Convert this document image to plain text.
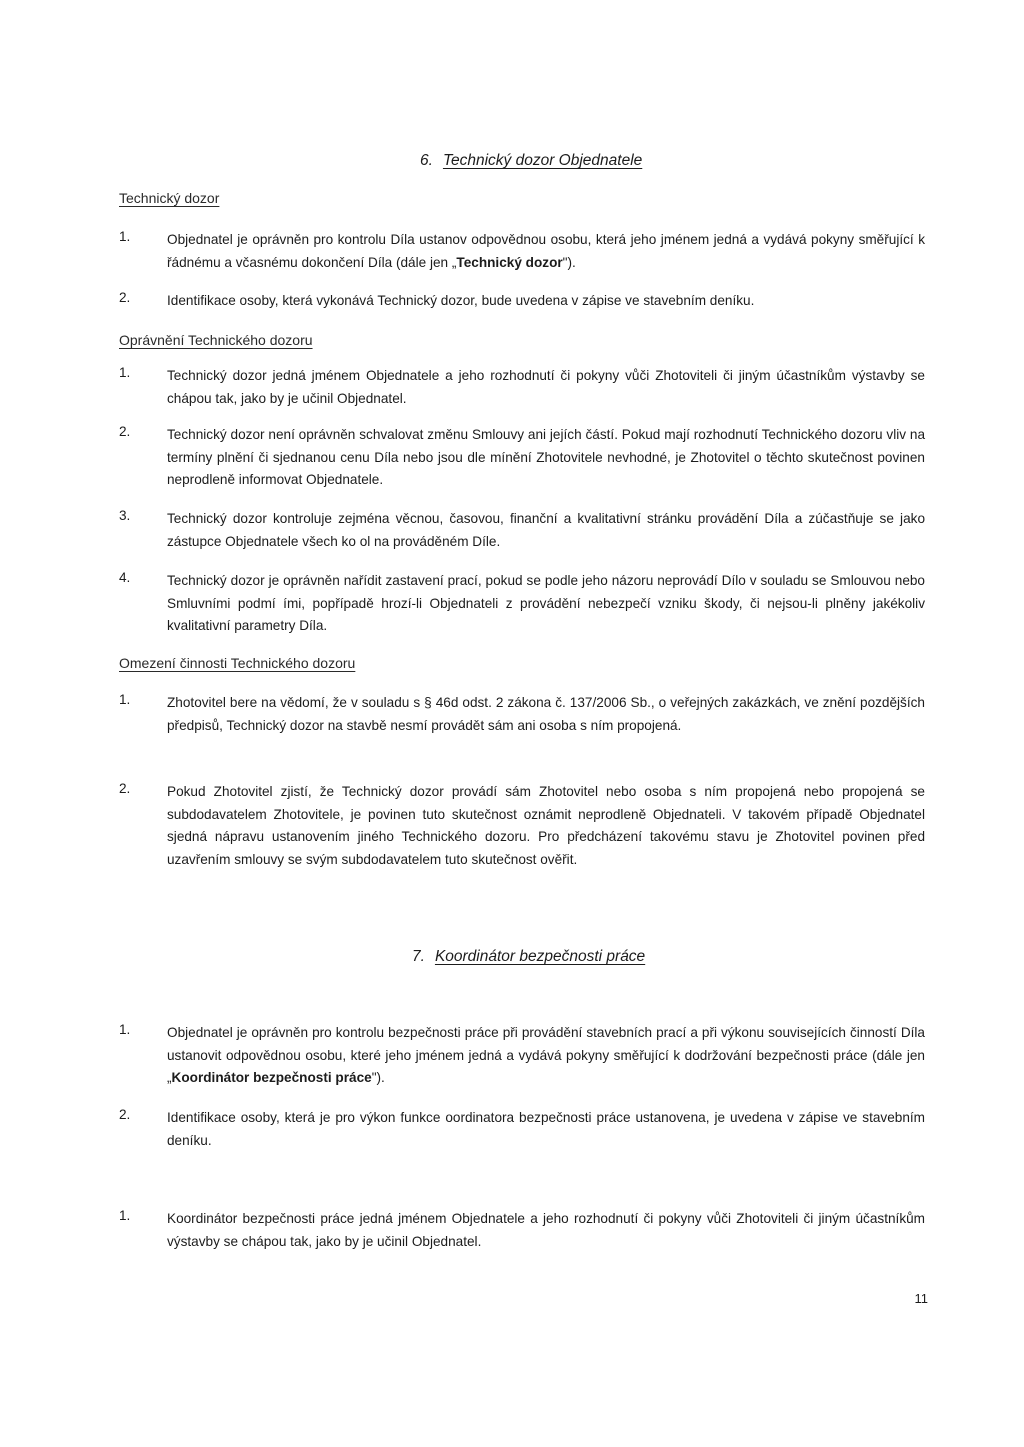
6. Technický dozor Objednatele
Technický dozor
1.	Objednatel je oprávněn pro kontrolu Díla ustanov odpovědnou osobu, která jeho jménem jedná a vydává pokyny směřující k řádnému a včasnému dokončení Díla (dále jen „Technický dozor").
2.	Identifikace osoby, která vykonává Technický dozor, bude uvedena v zápise ve stavebním deníku.
Oprávnění Technického dozoru
1.	Technický dozor jedná jménem Objednatele a jeho rozhodnutí či pokyny vůči Zhotoviteli či jiným účastníkům výstavby se chápou tak, jako by je učinil Objednatel.
2.	Technický dozor není oprávněn schvalovat změnu Smlouvy ani jejích částí. Pokud mají rozhodnutí Technického dozoru vliv na termíny plnění či sjednanou cenu Díla nebo jsou dle mínění Zhotovitele nevhodné, je Zhotovitel o těchto skutečnost povinen neprodleně informovat Objednatele.
3.	Technický dozor kontroluje zejména věcnou, časovou, finanční a kvalitativní stránku provádění Díla a zúčastňuje se jako zástupce Objednatele všech ko ol na prováděném Díle.
4.	Technický dozor je oprávněn nařídit zastavení prací, pokud se podle jeho názoru neprovádí Dílo v souladu se Smlouvou nebo Smluvními podmí ími, popřípadě hrozí-li Objednateli z provádění nebezpečí vzniku škody, či nejsou-li plněny jakékoliv kvalitativní parametry Díla.
Omezení činnosti Technického dozoru
1.	Zhotovitel bere na vědomí, že v souladu s § 46d odst. 2 zákona č. 137/2006 Sb., o veřejných zakázkách, ve znění pozdějších předpisů, Technický dozor na stavbě nesmí provádět sám ani osoba s ním propojená.
2.	Pokud Zhotovitel zjistí, že Technický dozor provádí sám Zhotovitel nebo osoba s ním propojená nebo propojená se subdodavatelem Zhotovitele, je povinen tuto skutečnost oznámit neprodleně Objednateli. V takovém případě Objednatel sjedná nápravu ustanovením jiného Technického dozoru. Pro předcházení takovému stavu je Zhotovitel povinen před uzavřením smlouvy se svým subdodavatelem tuto skutečnost ověřit.
7. Koordinátor bezpečnosti práce
1.	Objednatel je oprávněn pro kontrolu bezpečnosti práce při provádění stavebních prací a při výkonu souvisejících činností Díla ustanovit odpovědnou osobu, které jeho jménem jedná a vydává pokyny směřující k dodržování bezpečnosti práce (dále jen „Koordinátor bezpečnosti práce").
2.	Identifikace osoby, která je pro výkon funkce oordinatora bezpečnosti práce ustanovena, je uvedena v zápise ve stavebním deníku.
1.	Koordinátor bezpečnosti práce jedná jménem Objednatele a jeho rozhodnutí či pokyny vůči Zhotoviteli či jiným účastníkům výstavby se chápou tak, jako by je učinil Objednatel.
11
